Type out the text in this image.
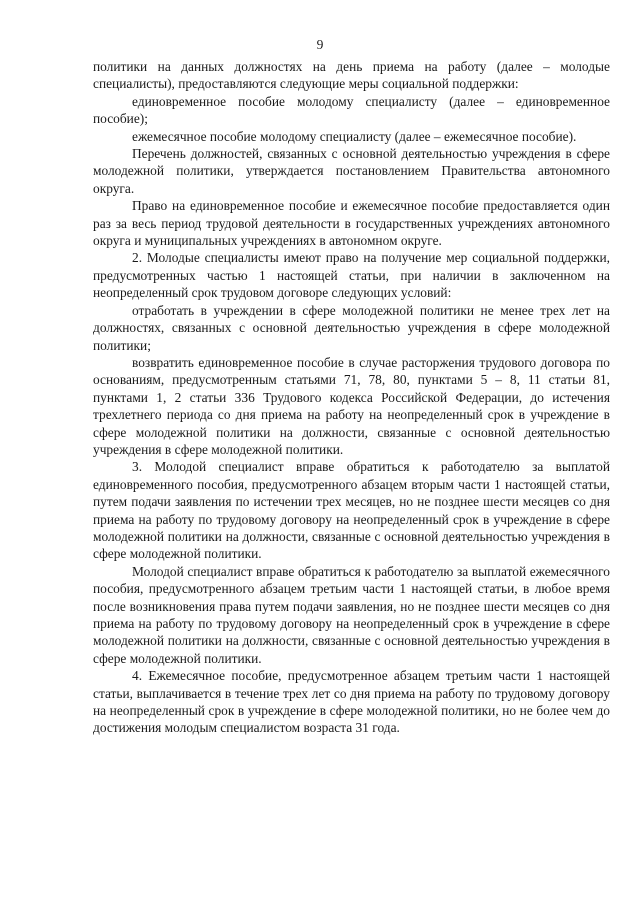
9

политики на данных должностях на день приема на работу (далее – молодые специалисты), предоставляются следующие меры социальной поддержки:

единовременное пособие молодому специалисту (далее – единовременное пособие);

ежемесячное пособие молодому специалисту (далее – ежемесячное пособие).

Перечень должностей, связанных с основной деятельностью учреждения в сфере молодежной политики, утверждается постановлением Правительства автономного округа.

Право на единовременное пособие и ежемесячное пособие предоставляется один раз за весь период трудовой деятельности в государственных учреждениях автономного округа и муниципальных учреждениях в автономном округе.

2. Молодые специалисты имеют право на получение мер социальной поддержки, предусмотренных частью 1 настоящей статьи, при наличии в заключенном на неопределенный срок трудовом договоре следующих условий:

отработать в учреждении в сфере молодежной политики не менее трех лет на должностях, связанных с основной деятельностью учреждения в сфере молодежной политики;

возвратить единовременное пособие в случае расторжения трудового договора по основаниям, предусмотренным статьями 71, 78, 80, пунктами 5 – 8, 11 статьи 81, пунктами 1, 2 статьи 336 Трудового кодекса Российской Федерации, до истечения трехлетнего периода со дня приема на работу на неопределенный срок в учреждение в сфере молодежной политики на должности, связанные с основной деятельностью учреждения в сфере молодежной политики.

3. Молодой специалист вправе обратиться к работодателю за выплатой единовременного пособия, предусмотренного абзацем вторым части 1 настоящей статьи, путем подачи заявления по истечении трех месяцев, но не позднее шести месяцев со дня приема на работу по трудовому договору на неопределенный срок в учреждение в сфере молодежной политики на должности, связанные с основной деятельностью учреждения в сфере молодежной политики.

Молодой специалист вправе обратиться к работодателю за выплатой ежемесячного пособия, предусмотренного абзацем третьим части 1 настоящей статьи, в любое время после возникновения права путем подачи заявления, но не позднее шести месяцев со дня приема на работу по трудовому договору на неопределенный срок в учреждение в сфере молодежной политики на должности, связанные с основной деятельностью учреждения в сфере молодежной политики.

4. Ежемесячное пособие, предусмотренное абзацем третьим части 1 настоящей статьи, выплачивается в течение трех лет со дня приема на работу по трудовому договору на неопределенный срок в учреждение в сфере молодежной политики, но не более чем до достижения молодым специалистом возраста 31 года.
